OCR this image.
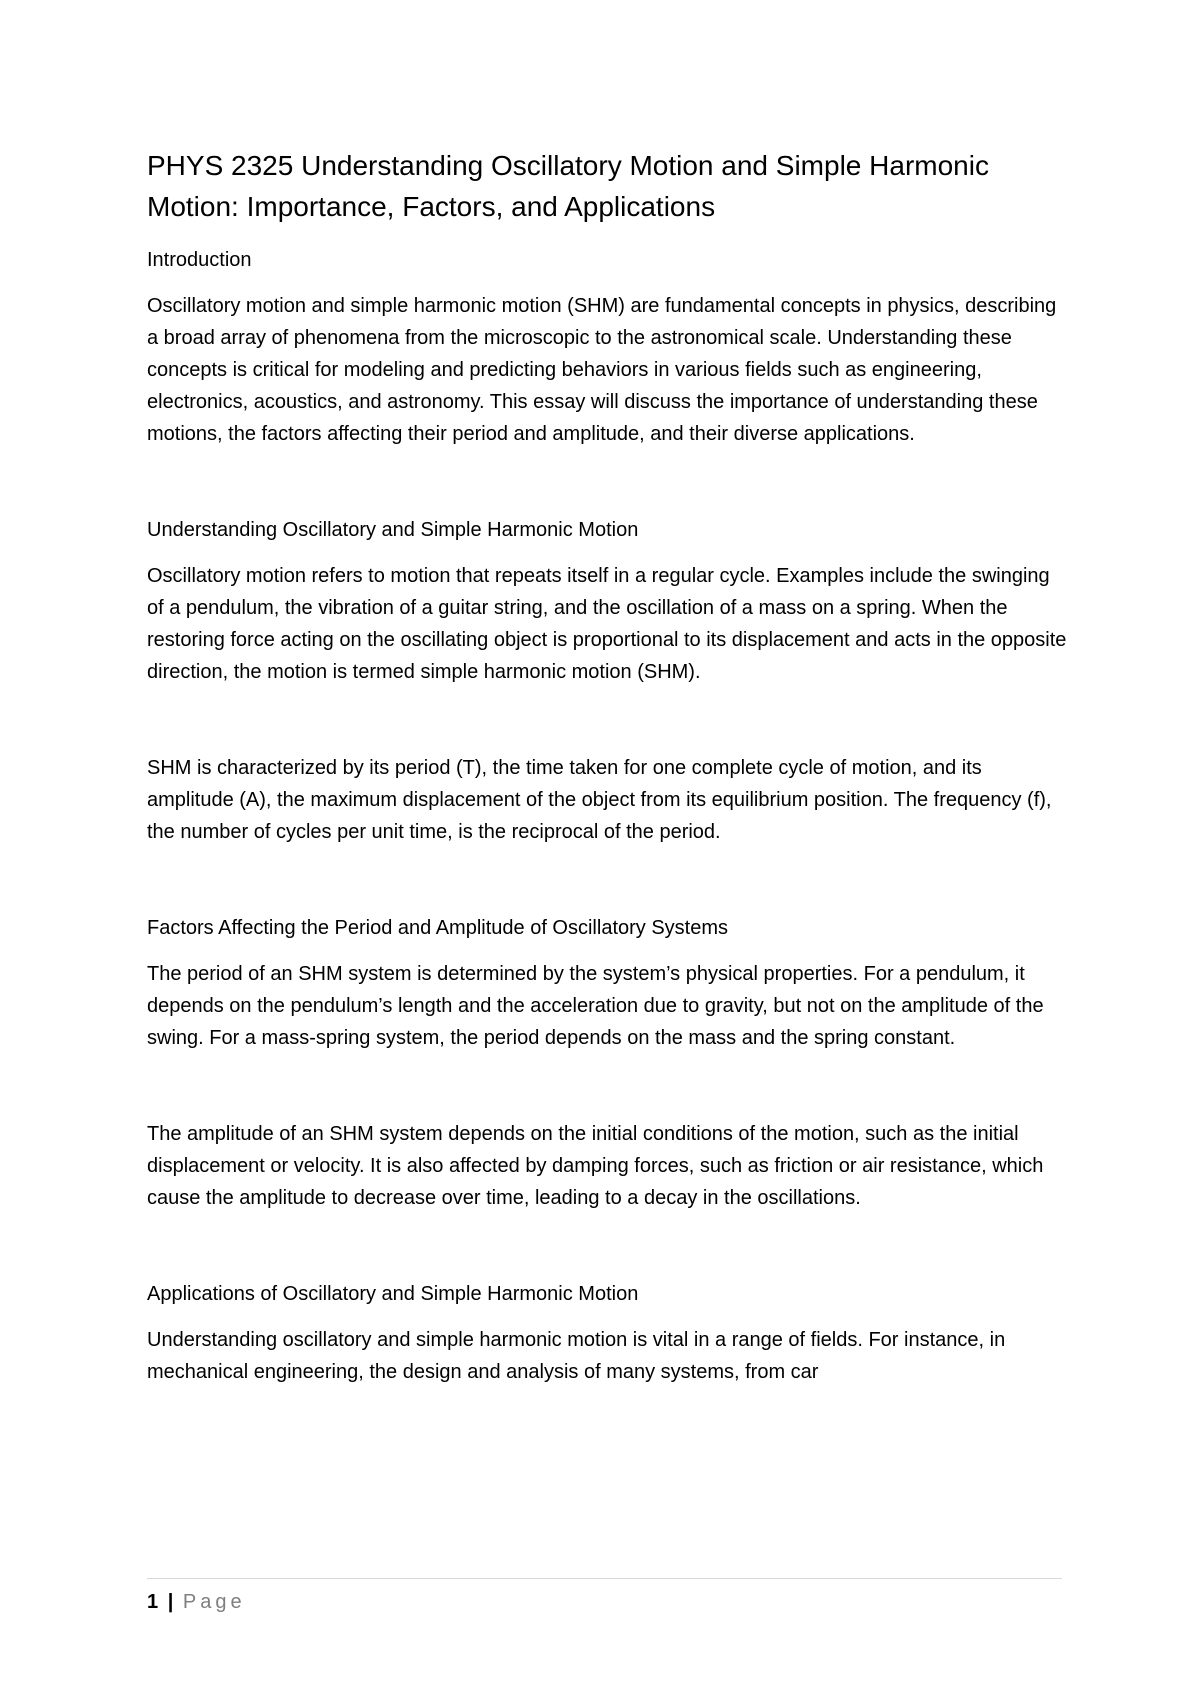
PHYS 2325 Understanding Oscillatory Motion and Simple Harmonic Motion: Importance, Factors, and Applications
Introduction

Oscillatory motion and simple harmonic motion (SHM) are fundamental concepts in physics, describing a broad array of phenomena from the microscopic to the astronomical scale. Understanding these concepts is critical for modeling and predicting behaviors in various fields such as engineering, electronics, acoustics, and astronomy. This essay will discuss the importance of understanding these motions, the factors affecting their period and amplitude, and their diverse applications.

Understanding Oscillatory and Simple Harmonic Motion

Oscillatory motion refers to motion that repeats itself in a regular cycle. Examples include the swinging of a pendulum, the vibration of a guitar string, and the oscillation of a mass on a spring. When the restoring force acting on the oscillating object is proportional to its displacement and acts in the opposite direction, the motion is termed simple harmonic motion (SHM).

SHM is characterized by its period (T), the time taken for one complete cycle of motion, and its amplitude (A), the maximum displacement of the object from its equilibrium position. The frequency (f), the number of cycles per unit time, is the reciprocal of the period.

Factors Affecting the Period and Amplitude of Oscillatory Systems

The period of an SHM system is determined by the system’s physical properties. For a pendulum, it depends on the pendulum’s length and the acceleration due to gravity, but not on the amplitude of the swing. For a mass-spring system, the period depends on the mass and the spring constant.

The amplitude of an SHM system depends on the initial conditions of the motion, such as the initial displacement or velocity. It is also affected by damping forces, such as friction or air resistance, which cause the amplitude to decrease over time, leading to a decay in the oscillations.

Applications of Oscillatory and Simple Harmonic Motion

Understanding oscillatory and simple harmonic motion is vital in a range of fields. For instance, in mechanical engineering, the design and analysis of many systems, from car

1 | Page
